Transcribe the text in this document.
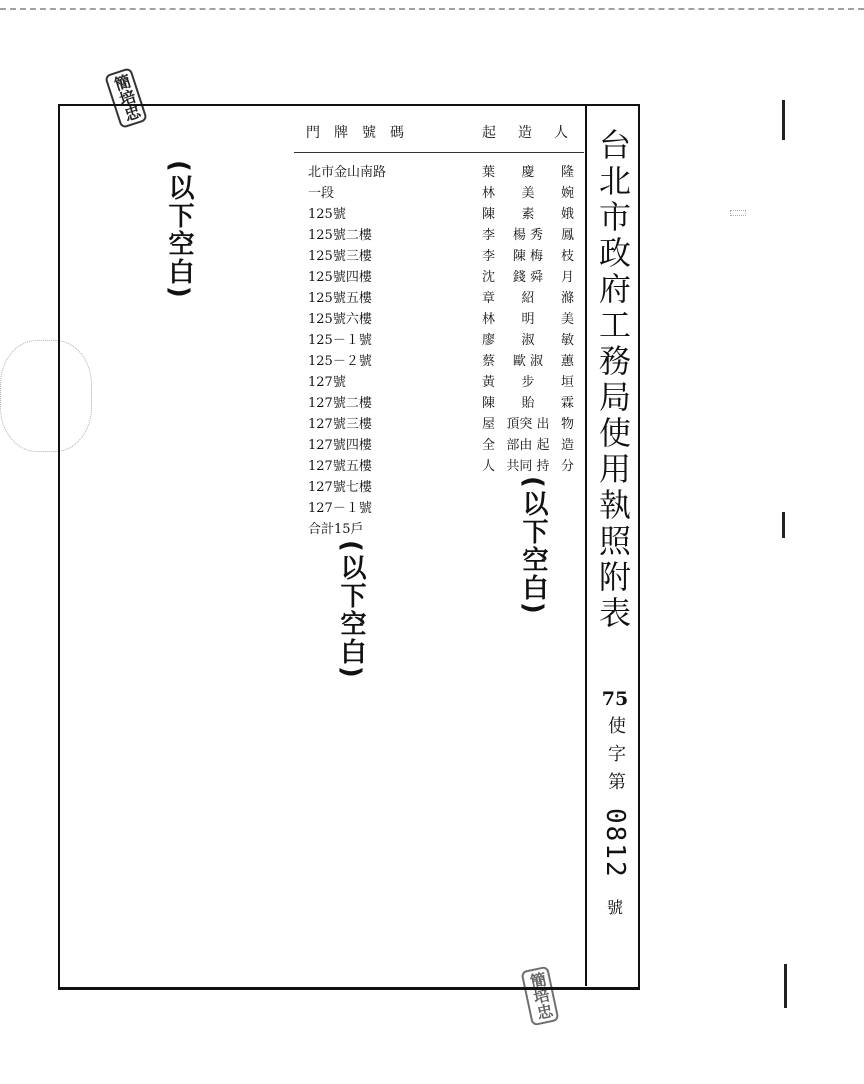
簡培忠
簡培忠
台北市政府工務局使用執照附表
75
使字第
0812
號
門牌號碼	起造人
北市金山南路
一段
125號
125號二樓
125號三樓
125號四樓
125號五樓
125號六樓
125－１號
125－２號
127號
127號二樓
127號三樓
127號四樓
127號五樓
127號七樓
127－１號
合計15戶
葉 慶 隆
林 美 婉
陳 素 娥
李 楊 秀 鳳
李 陳 梅 枝
沈 錢 舜 月
章 紹 滌
林 明 美
廖 淑 敏
蔡 歐 淑 蕙
黃 步 垣
陳 貽 霖
屋 頂突 出 物
全 部由 起 造
人 共同 持 分
(以下空白)
(以下空白)	(以下空白)
